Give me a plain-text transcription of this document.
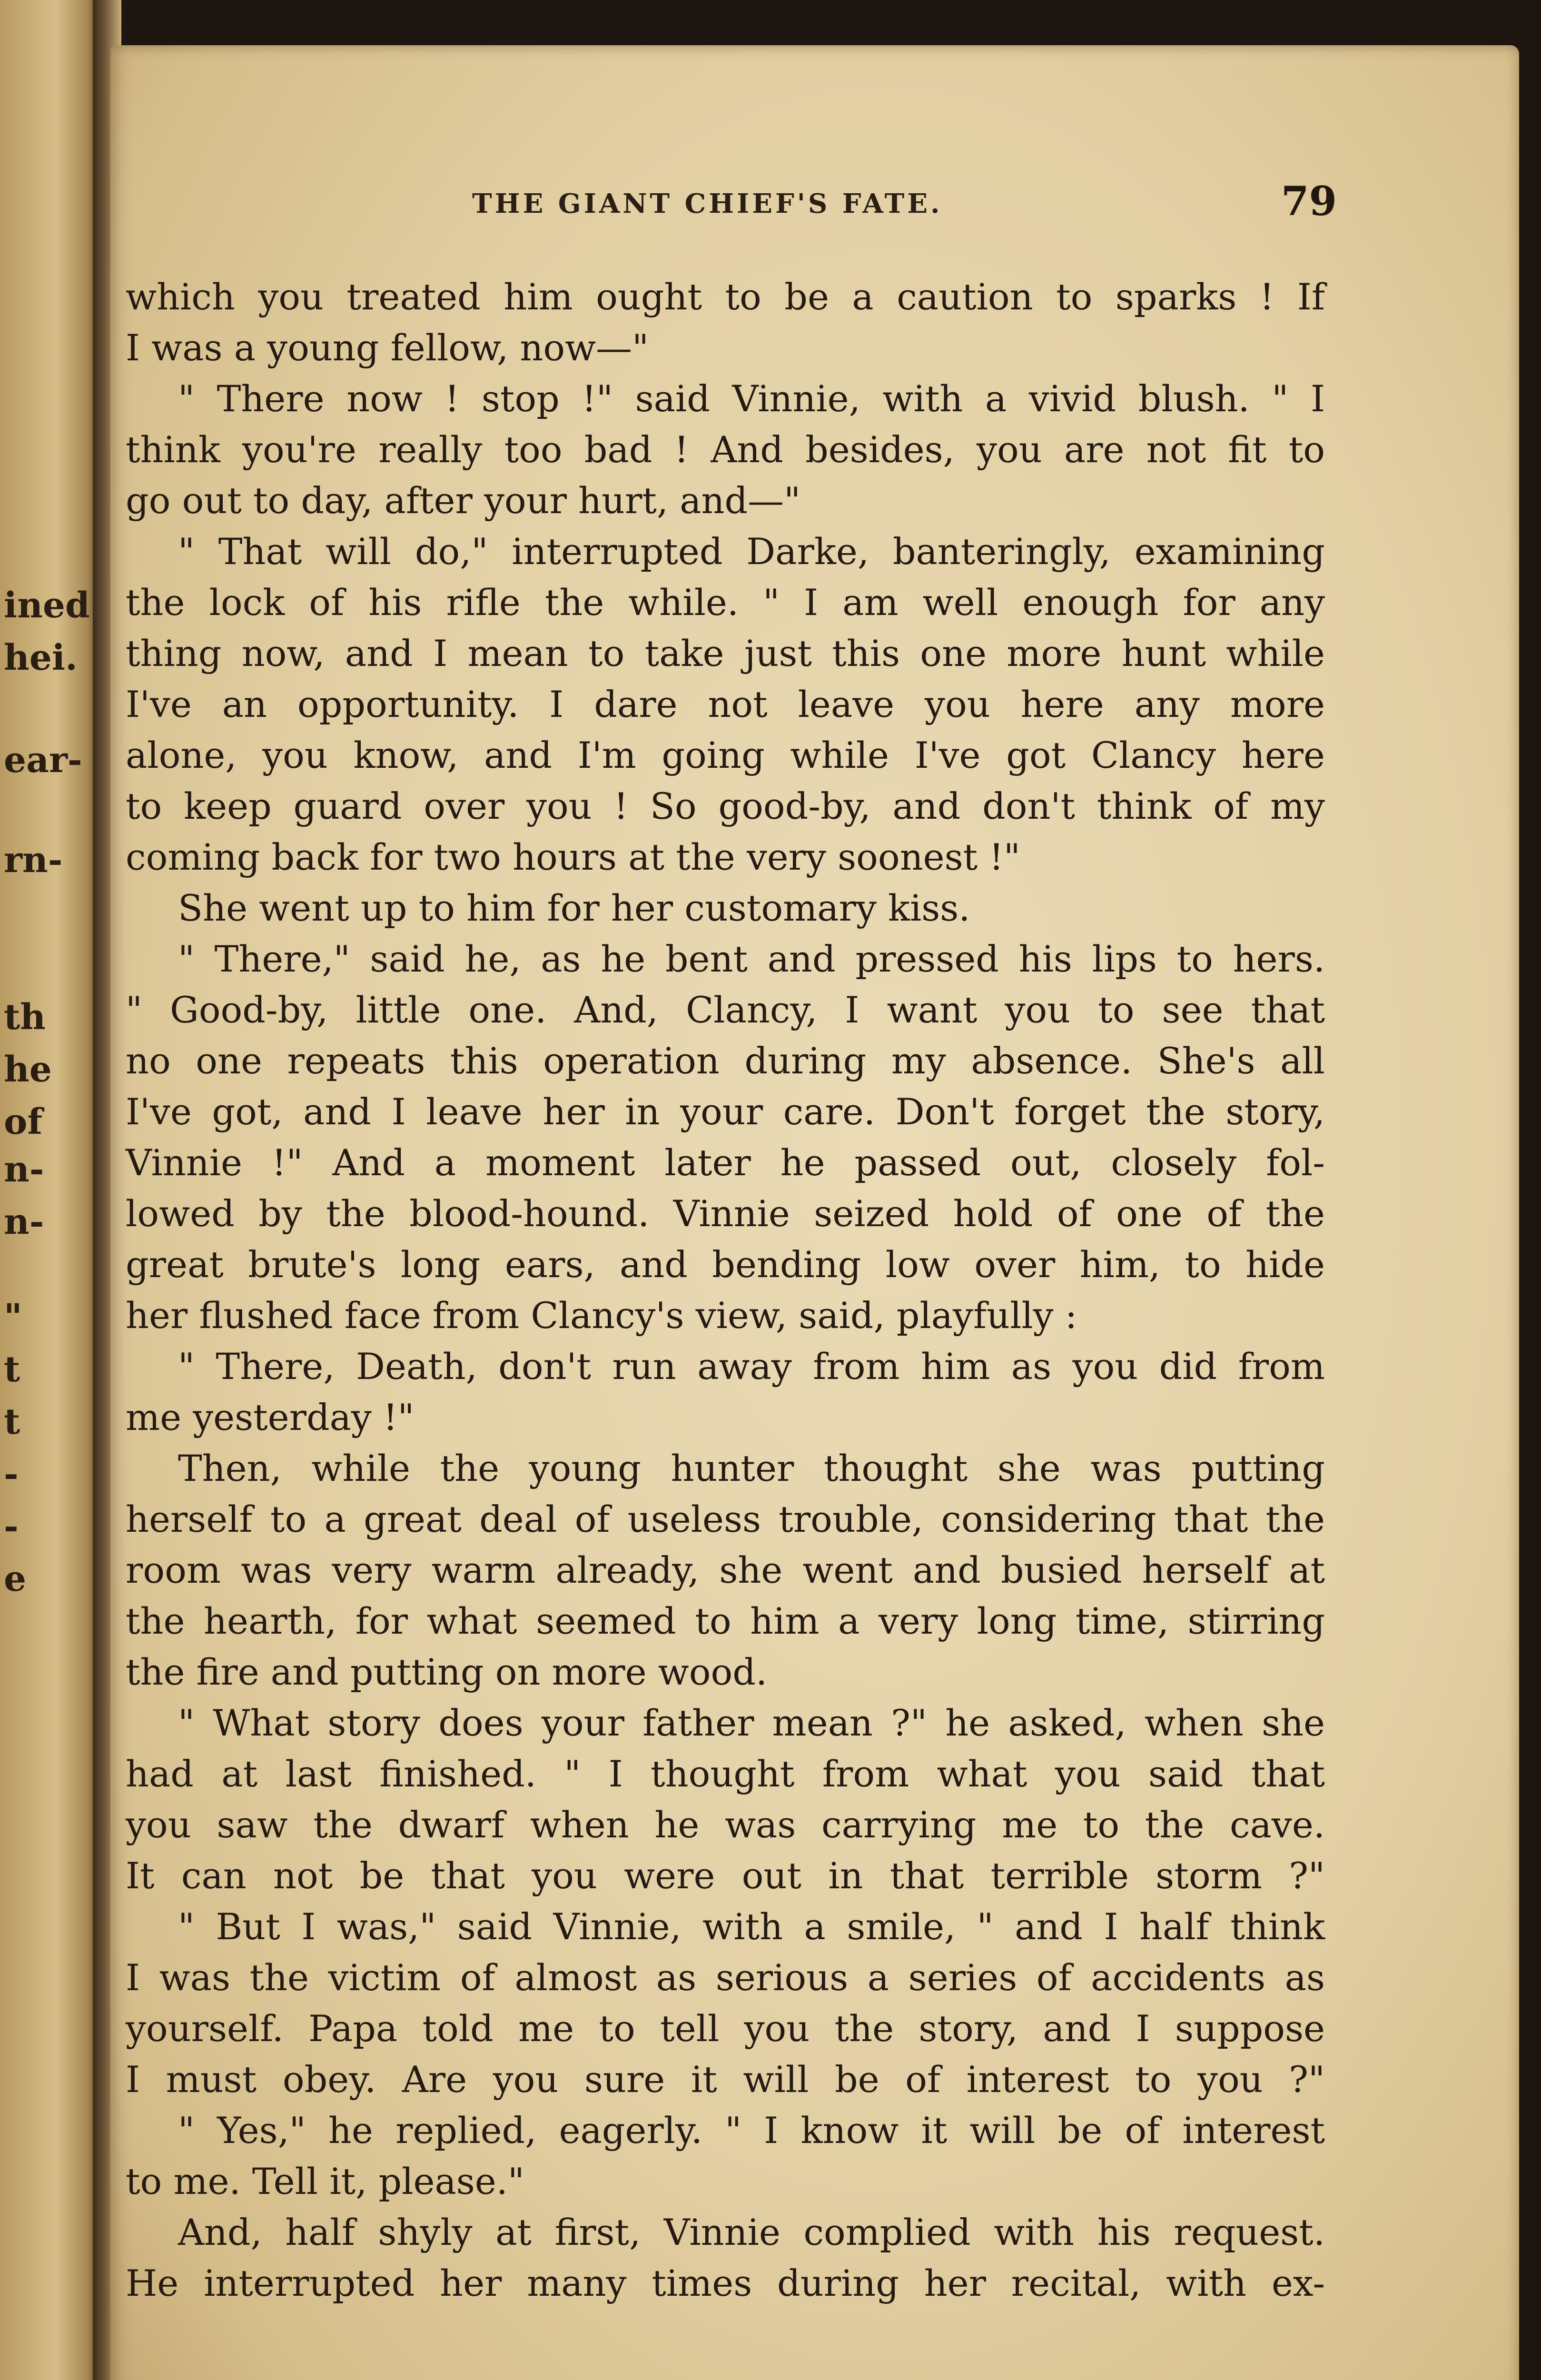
ined
hei.
ear-
rn-
th
he
of
n-
n-
"
t
t
-
-
e
THE GIANT CHIEF'S FATE.	79
which you treated him ought to be a caution to sparks ! If
I was a young fellow, now—"
" There now ! stop !" said Vinnie, with a vivid blush. " I
think you're really too bad ! And besides, you are not fit to
go out to day, after your hurt, and—"
" That will do," interrupted Darke, banteringly, examining
the lock of his rifle the while. " I am well enough for any
thing now, and I mean to take just this one more hunt while
I've an opportunity. I dare not leave you here any more
alone, you know, and I'm going while I've got Clancy here
to keep guard over you ! So good-by, and don't think of my
coming back for two hours at the very soonest !"
She went up to him for her customary kiss.
" There," said he, as he bent and pressed his lips to hers.
" Good-by, little one. And, Clancy, I want you to see that
no one repeats this operation during my absence. She's all
I've got, and I leave her in your care. Don't forget the story,
Vinnie !" And a moment later he passed out, closely fol-
lowed by the blood-hound. Vinnie seized hold of one of the
great brute's long ears, and bending low over him, to hide
her flushed face from Clancy's view, said, playfully :
" There, Death, don't run away from him as you did from
me yesterday !"
Then, while the young hunter thought she was putting
herself to a great deal of useless trouble, considering that the
room was very warm already, she went and busied herself at
the hearth, for what seemed to him a very long time, stirring
the fire and putting on more wood.
" What story does your father mean ?" he asked, when she
had at last finished. " I thought from what you said that
you saw the dwarf when he was carrying me to the cave.
It can not be that you were out in that terrible storm ?"
" But I was," said Vinnie, with a smile, " and I half think
I was the victim of almost as serious a series of accidents as
yourself. Papa told me to tell you the story, and I suppose
I must obey. Are you sure it will be of interest to you ?"
" Yes," he replied, eagerly. " I know it will be of interest
to me. Tell it, please."
And, half shyly at first, Vinnie complied with his request.
He interrupted her many times during her recital, with ex-
